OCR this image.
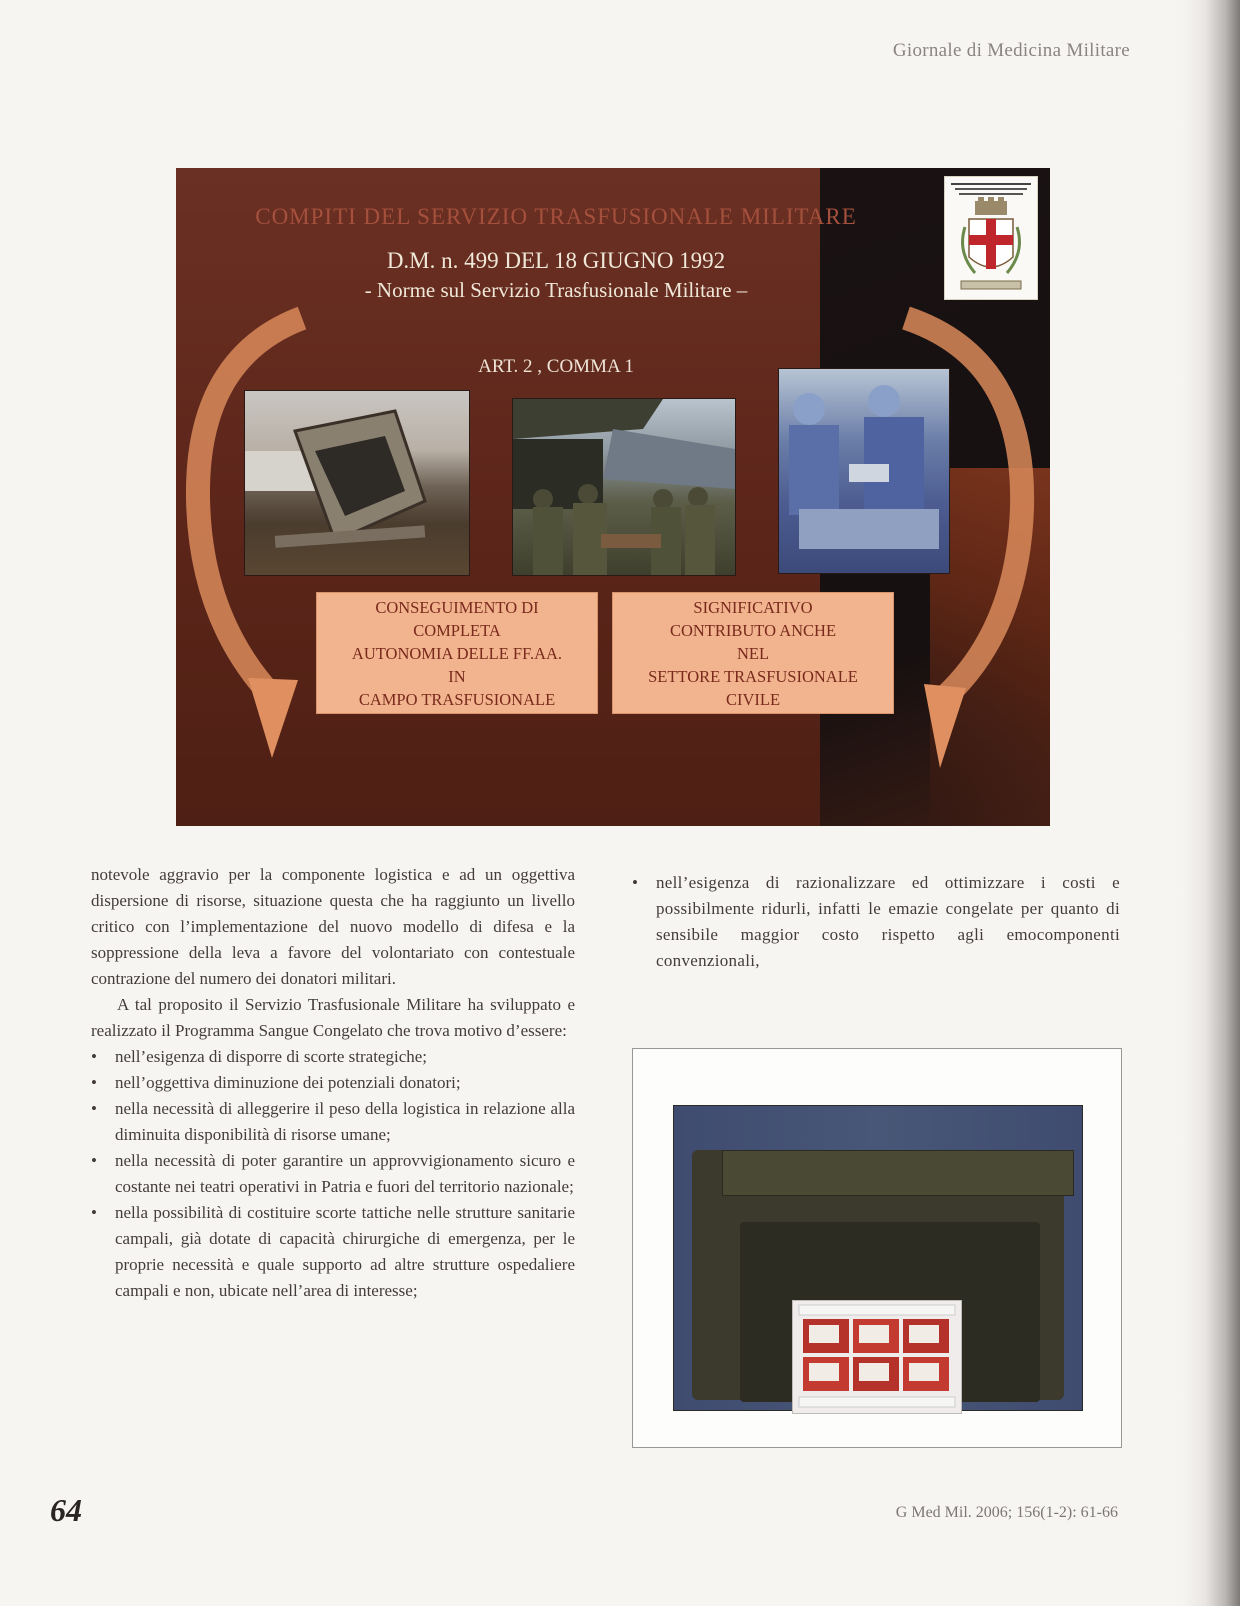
Giornale di Medicina Militare
COMPITI DEL SERVIZIO TRASFUSIONALE MILITARE
D.M. n. 499 DEL 18 GIUGNO 1992
- Norme sul Servizio Trasfusionale Militare –
ART. 2 , COMMA 1
CONSEGUIMENTO DI
COMPLETA
AUTONOMIA DELLE FF.AA.
IN
CAMPO TRASFUSIONALE
SIGNIFICATIVO
CONTRIBUTO ANCHE
NEL
SETTORE TRASFUSIONALE
CIVILE

notevole aggravio per la componente logistica e ad un oggettiva dispersione di risorse, situazione questa che ha raggiunto un livello critico con l’implementazione del nuovo modello di difesa e la soppressione della leva a favore del volontariato con contestuale contrazione del numero dei donatori militari.

A tal proposito il Servizio Trasfusionale Militare ha sviluppato e realizzato il Programma Sangue Congelato che trova motivo d’essere:

• nell’esigenza di disporre di scorte strategiche;
• nell’oggettiva diminuzione dei potenziali donatori;
• nella necessità di alleggerire il peso della logistica in relazione alla diminuita disponibilità di risorse umane;
• nella necessità di poter garantire un approvvigionamento sicuro e costante nei teatri operativi in Patria e fuori del territorio nazionale;
• nella possibilità di costituire scorte tattiche nelle strutture sanitarie campali, già dotate di capacità chirurgiche di emergenza, per le proprie necessità e quale supporto ad altre strutture ospedaliere campali e non, ubicate nell’area di interesse;
•	nell’esigenza di razionalizzare ed ottimizzare i costi e possibilmente ridurli, infatti le emazie congelate per quanto di sensibile maggior costo rispetto agli emocomponenti convenzionali,
64	G Med Mil. 2006; 156(1-2): 61-66
